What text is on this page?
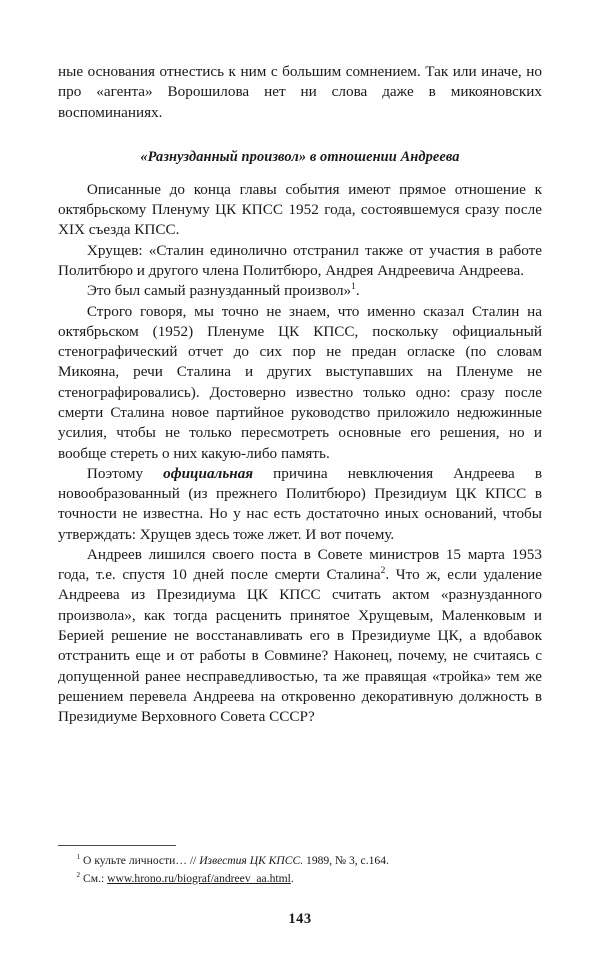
ные основания отнестись к ним с большим сомнением. Так или иначе, но про «агента» Ворошилова нет ни слова даже в микояновских воспоминаниях.

«Разнузданный произвол» в отношении Андреева

Описанные до конца главы события имеют прямое отношение к октябрьскому Пленуму ЦК КПСС 1952 года, состоявшемуся сразу после XIX съезда КПСС.

Хрущев: «Сталин единолично отстранил также от участия в работе Политбюро и другого члена Политбюро, Андрея Андреевича Андреева.

Это был самый разнузданный произвол»$^1$.

Строго говоря, мы точно не знаем, что именно сказал Сталин на октябрьском (1952) Пленуме ЦК КПСС, поскольку официальный стенографический отчет до сих пор не предан огласке (по словам Микояна, речи Сталина и других выступавших на Пленуме не стенографировались). Достоверно известно только одно: сразу после смерти Сталина новое партийное руководство приложило недюжинные усилия, чтобы не только пересмотреть основные его решения, но и вообще стереть о них какую-либо память.

Поэтому официальная причина невключения Андреева в новообразованный (из прежнего Политбюро) Президиум ЦК КПСС в точности не известна. Но у нас есть достаточно иных оснований, чтобы утверждать: Хрущев здесь тоже лжет. И вот почему.

Андреев лишился своего поста в Совете министров 15 марта 1953 года, т.е. спустя 10 дней после смерти Сталина$^2$. Что ж, если удаление Андреева из Президиума ЦК КПСС считать актом «разнузданного произвола», как тогда расценить принятое Хрущевым, Маленковым и Берией решение не восстанавливать его в Президиуме ЦК, а вдобавок отстранить еще и от работы в Совмине? Наконец, почему, не считаясь с допущенной ранее несправедливостью, та же правящая «тройка» тем же решением перевела Андреева на откровенно декоративную должность в Президиуме Верховного Совета СССР?

$^1$ О культе личности… // Известия ЦК КПСС. 1989, № 3, с.164.

$^2$ См.: www.hrono.ru/biograf/andreev_aa.html.

143
